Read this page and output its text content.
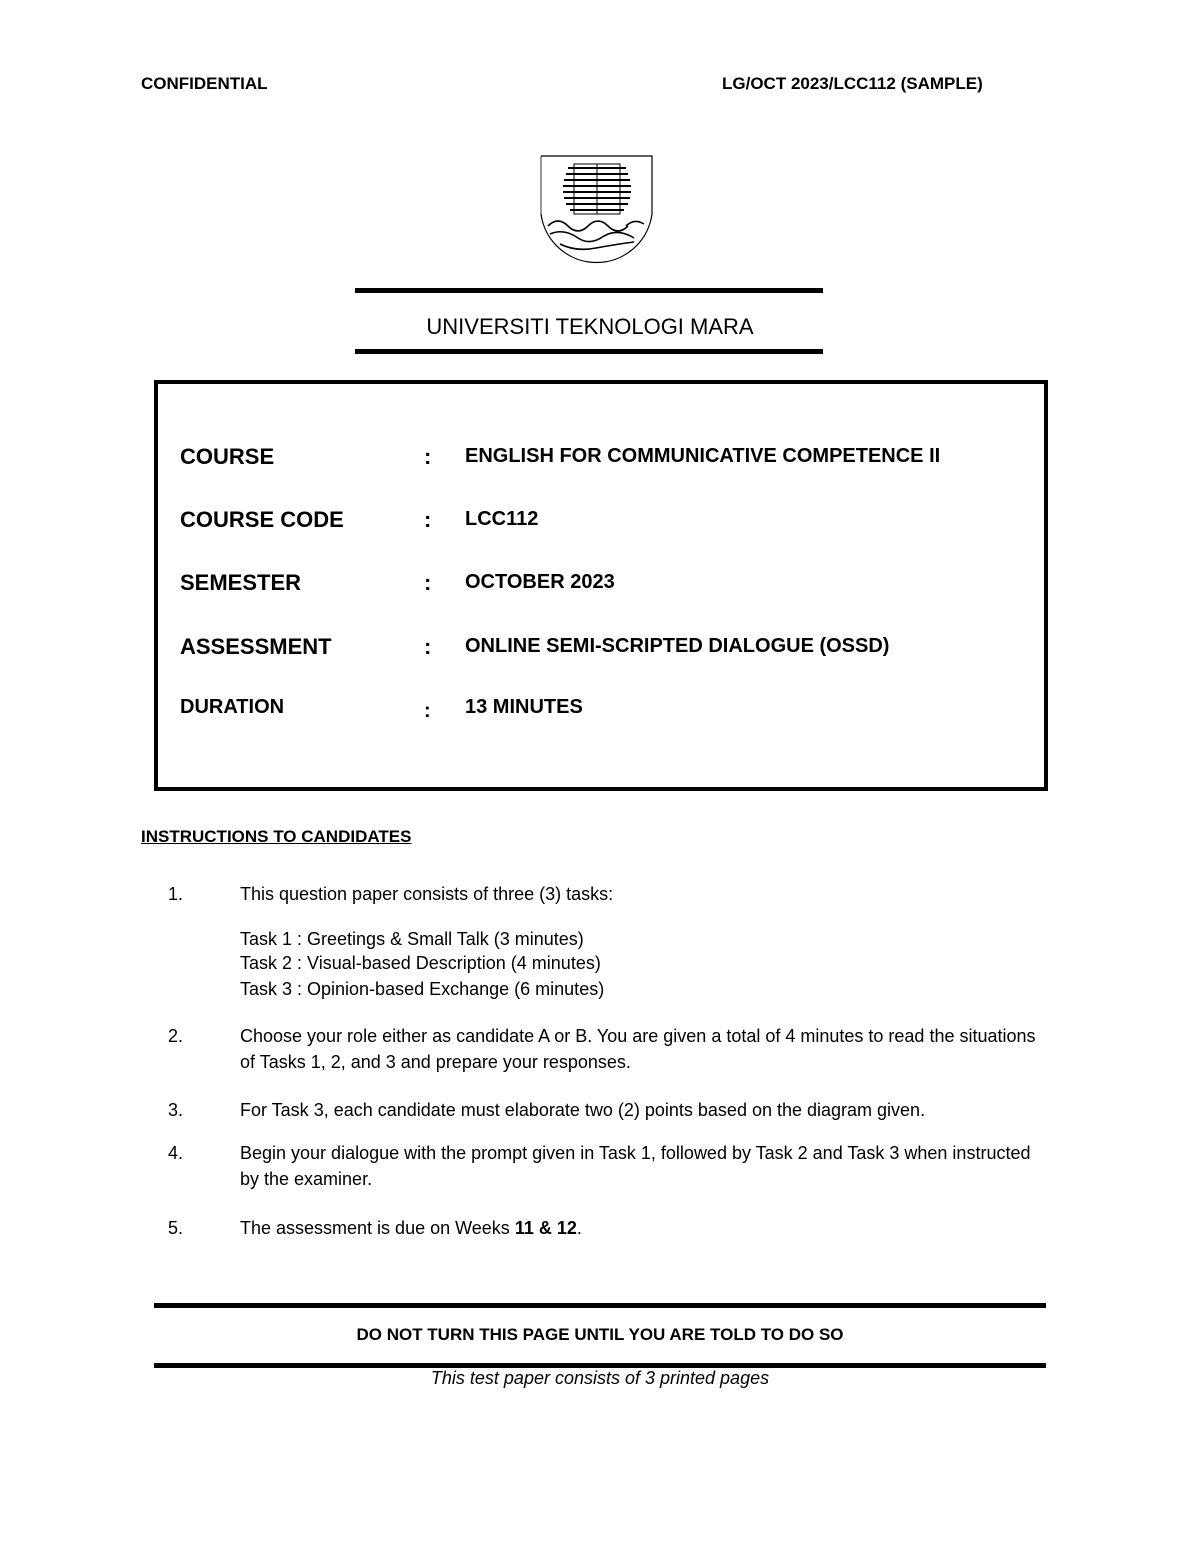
CONFIDENTIAL	LG/OCT 2023/LCC112 (SAMPLE)
UNIVERSITI TEKNOLOGI MARA
COURSE	:	ENGLISH FOR COMMUNICATIVE COMPETENCE II
COURSE CODE	:	LCC112
SEMESTER	:	OCTOBER 2023
ASSESSMENT	:	ONLINE SEMI-SCRIPTED DIALOGUE (OSSD)
DURATION	:	13 MINUTES
INSTRUCTIONS TO CANDIDATES
1.	This question paper consists of three (3) tasks:
Task 1 : Greetings & Small Talk (3 minutes)
Task 2 : Visual-based Description (4 minutes)
Task 3 : Opinion-based Exchange (6 minutes)
2.	Choose your role either as candidate A or B. You are given a total of 4 minutes to read the situations of Tasks 1, 2, and 3 and prepare your responses.
3.	For Task 3, each candidate must elaborate two (2) points based on the diagram given.
4.	Begin your dialogue with the prompt given in Task 1, followed by Task 2 and Task 3 when instructed by the examiner.
5.	The assessment is due on Weeks 11 & 12.
DO NOT TURN THIS PAGE UNTIL YOU ARE TOLD TO DO SO
This test paper consists of 3 printed pages
